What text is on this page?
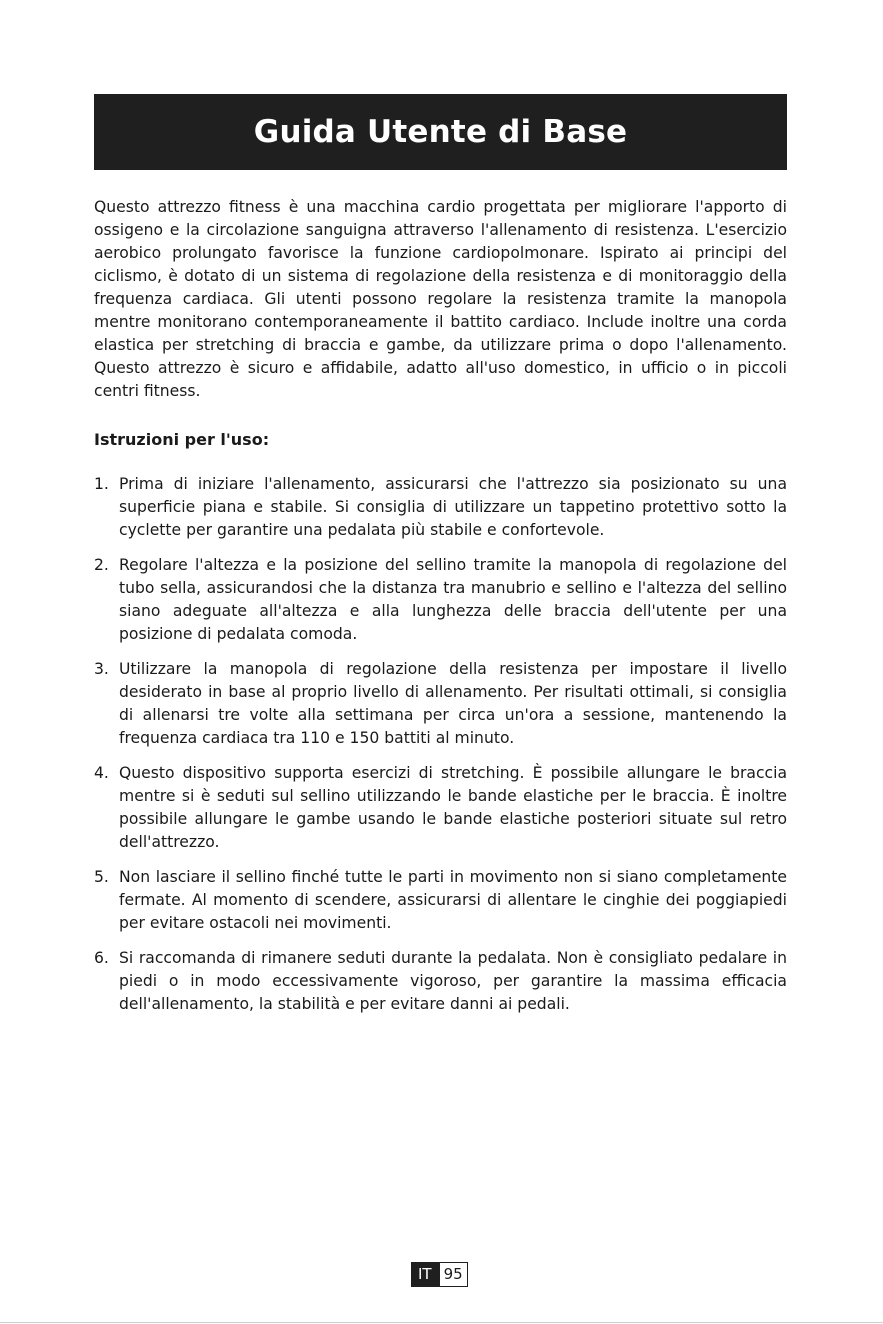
Guida Utente di Base

Questo attrezzo fitness è una macchina cardio progettata per migliorare l'apporto di ossigeno e la circolazione sanguigna attraverso l'allenamento di resistenza. L'esercizio aerobico prolungato favorisce la funzione cardiopolmonare. Ispirato ai principi del ciclismo, è dotato di un sistema di regolazione della resistenza e di monitoraggio della frequenza cardiaca. Gli utenti possono regolare la resistenza tramite la manopola mentre monitorano contemporaneamente il battito cardiaco. Include inoltre una corda elastica per stretching di braccia e gambe, da utilizzare prima o dopo l'allenamento. Questo attrezzo è sicuro e affidabile, adatto all'uso domestico, in ufficio o in piccoli centri fitness.

Istruzioni per l'uso:
1. Prima di iniziare l'allenamento, assicurarsi che l'attrezzo sia posizionato su una superficie piana e stabile. Si consiglia di utilizzare un tappetino protettivo sotto la cyclette per garantire una pedalata più stabile e confortevole.
2. Regolare l'altezza e la posizione del sellino tramite la manopola di regolazione del tubo sella, assicurandosi che la distanza tra manubrio e sellino e l'altezza del sellino siano adeguate all'altezza e alla lunghezza delle braccia dell'utente per una posizione di pedalata comoda.
3. Utilizzare la manopola di regolazione della resistenza per impostare il livello desiderato in base al proprio livello di allenamento. Per risultati ottimali, si consiglia di allenarsi tre volte alla settimana per circa un'ora a sessione, mantenendo la frequenza cardiaca tra 110 e 150 battiti al minuto.
4. Questo dispositivo supporta esercizi di stretching. È possibile allungare le braccia mentre si è seduti sul sellino utilizzando le bande elastiche per le braccia. È inoltre possibile allungare le gambe usando le bande elastiche posteriori situate sul retro dell'attrezzo.
5. Non lasciare il sellino finché tutte le parti in movimento non si siano completamente fermate. Al momento di scendere, assicurarsi di allentare le cinghie dei poggiapiedi per evitare ostacoli nei movimenti.
6. Si raccomanda di rimanere seduti durante la pedalata. Non è consigliato pedalare in piedi o in modo eccessivamente vigoroso, per garantire la massima efficacia dell'allenamento, la stabilità e per evitare danni ai pedali.
IT 95
